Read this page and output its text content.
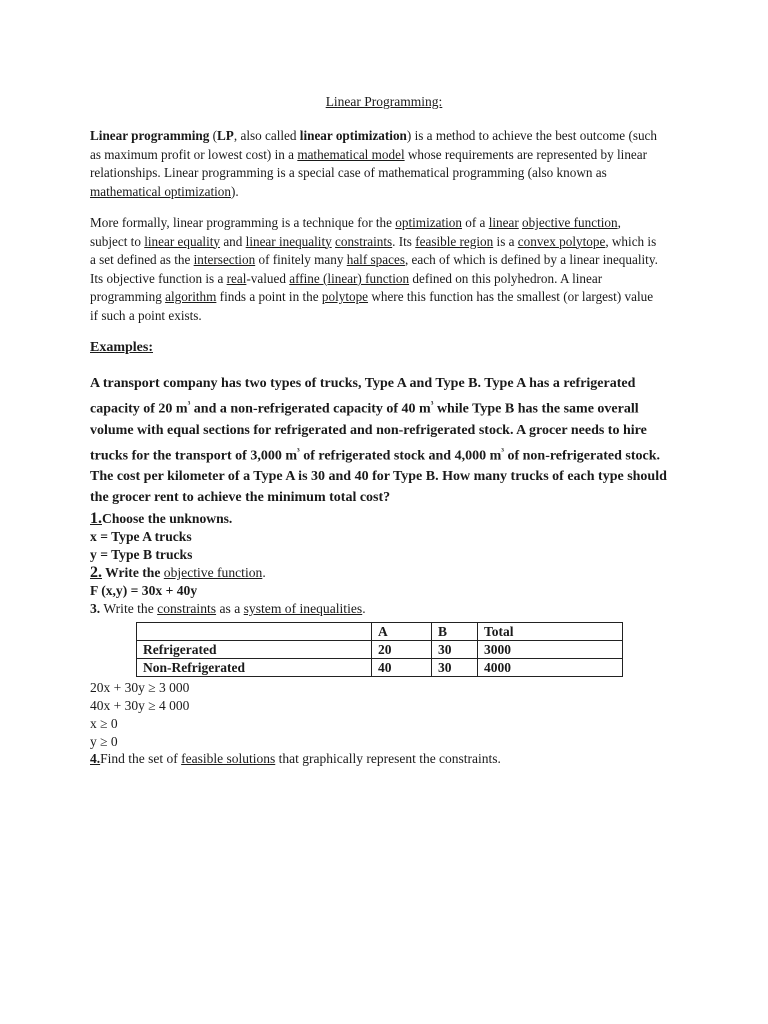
Linear Programming:
Linear programming (LP, also called linear optimization) is a method to achieve the best outcome (such as maximum profit or lowest cost) in a mathematical model whose requirements are represented by linear relationships. Linear programming is a special case of mathematical programming (also known as mathematical optimization).
More formally, linear programming is a technique for the optimization of a linear objective function, subject to linear equality and linear inequality constraints. Its feasible region is a convex polytope, which is a set defined as the intersection of finitely many half spaces, each of which is defined by a linear inequality. Its objective function is a real-valued affine (linear) function defined on this polyhedron. A linear programming algorithm finds a point in the polytope where this function has the smallest (or largest) value if such a point exists.
Examples:
A transport company has two types of trucks, Type A and Type B. Type A has a refrigerated capacity of 20 $m^{^3}$ and a non-refrigerated capacity of 40 $m^{^3}$ while Type B has the same overall volume with equal sections for refrigerated and non-refrigerated stock. A grocer needs to hire trucks for the transport of 3,000 $m^{^3}$ of refrigerated stock and 4,000 $m^{^3}$ of non-refrigerated stock. The cost per kilometer of a Type A is 30 and 40 for Type B. How many trucks of each type should the grocer rent to achieve the minimum total cost?
1.Choose the unknowns.
x = Type A trucks
y = Type B trucks
2. Write the objective function.
F (x,y) = 30x + 40y
3. Write the constraints as a system of inequalities.
	A	B	Total
Refrigerated	20	30	3000
Non-Refrigerated	40	30	4000
20x + 30y ≥ 3 000
40x + 30y ≥ 4 000
x ≥ 0
y ≥ 0
4.Find the set of feasible solutions that graphically represent the constraints.
